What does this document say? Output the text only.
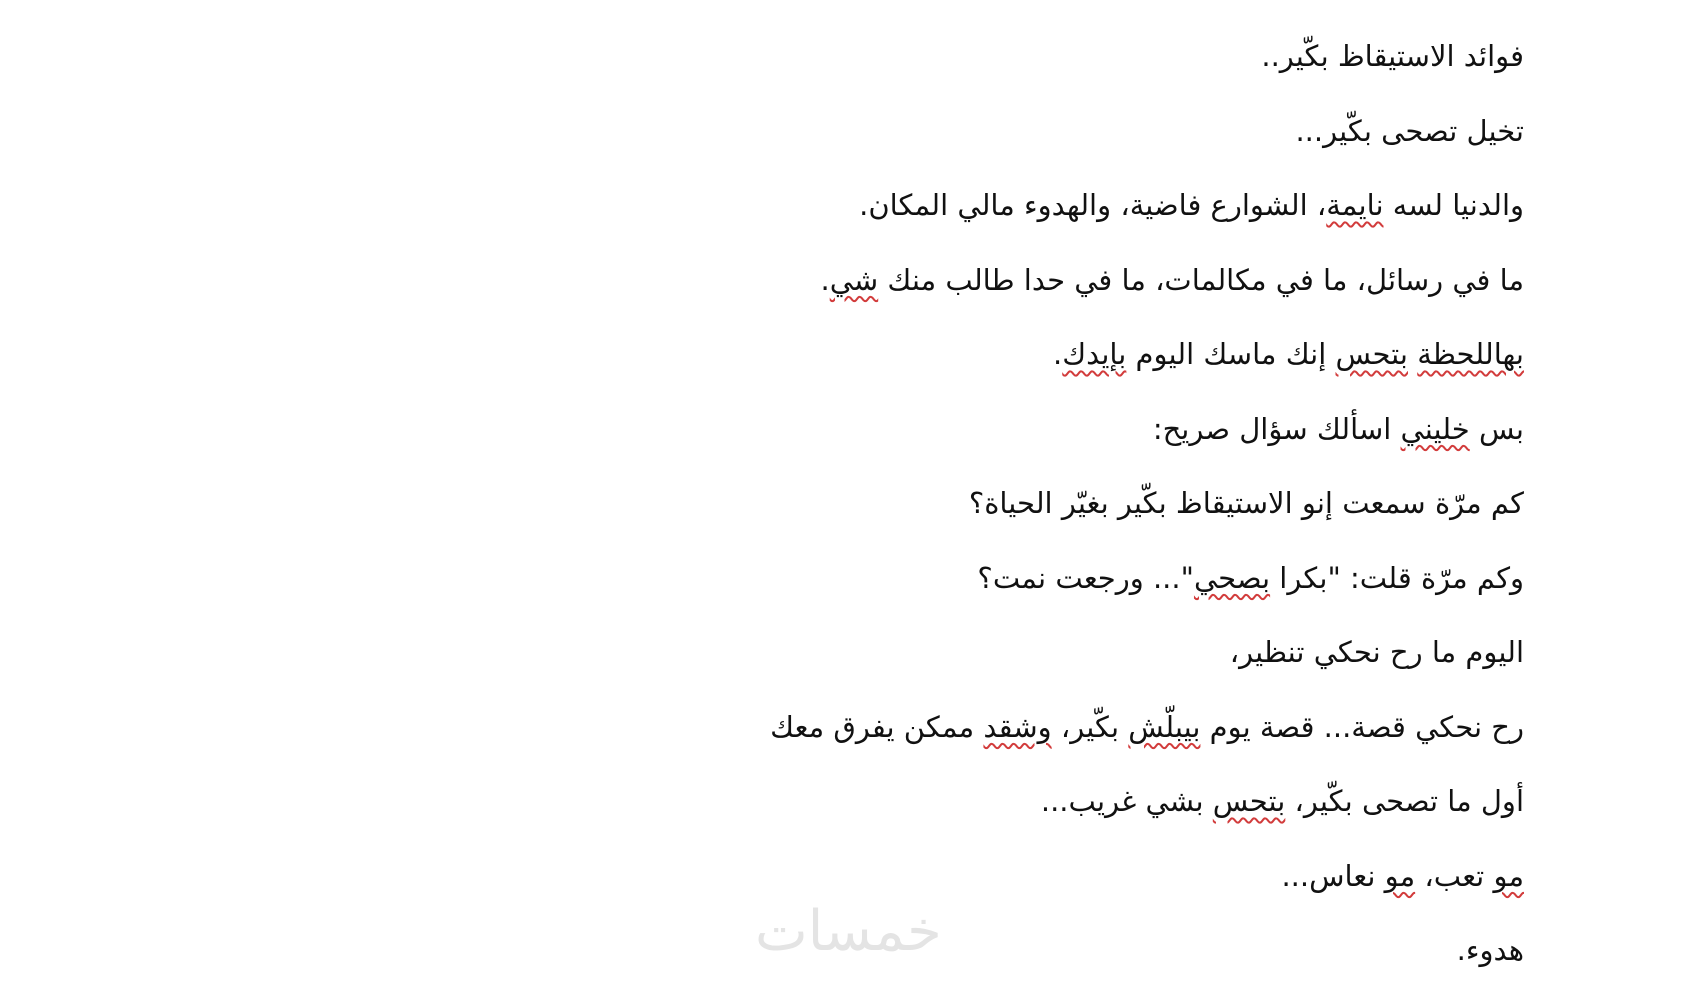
فوائد الاستيقاظ بكّير..
تخيل تصحى بكّير...
والدنيا لسه نايمة، الشوارع فاضية، والهدوء مالي المكان.
ما في رسائل، ما في مكالمات، ما في حدا طالب منك شي.
بهاللحظة بتحس إنك ماسك اليوم بإيدك.
بس خليني اسألك سؤال صريح:
كم مرّة سمعت إنو الاستيقاظ بكّير بغيّر الحياة؟
وكم مرّة قلت: "بكرا بصحي"... ورجعت نمت؟
اليوم ما رح نحكي تنظير،
رح نحكي قصة... قصة يوم بيبلّش بكّير، وشقد ممكن يفرق معك
أول ما تصحى بكّير، بتحس بشي غريب...
مو تعب، مو نعاس...
هدوء.
خمسات
